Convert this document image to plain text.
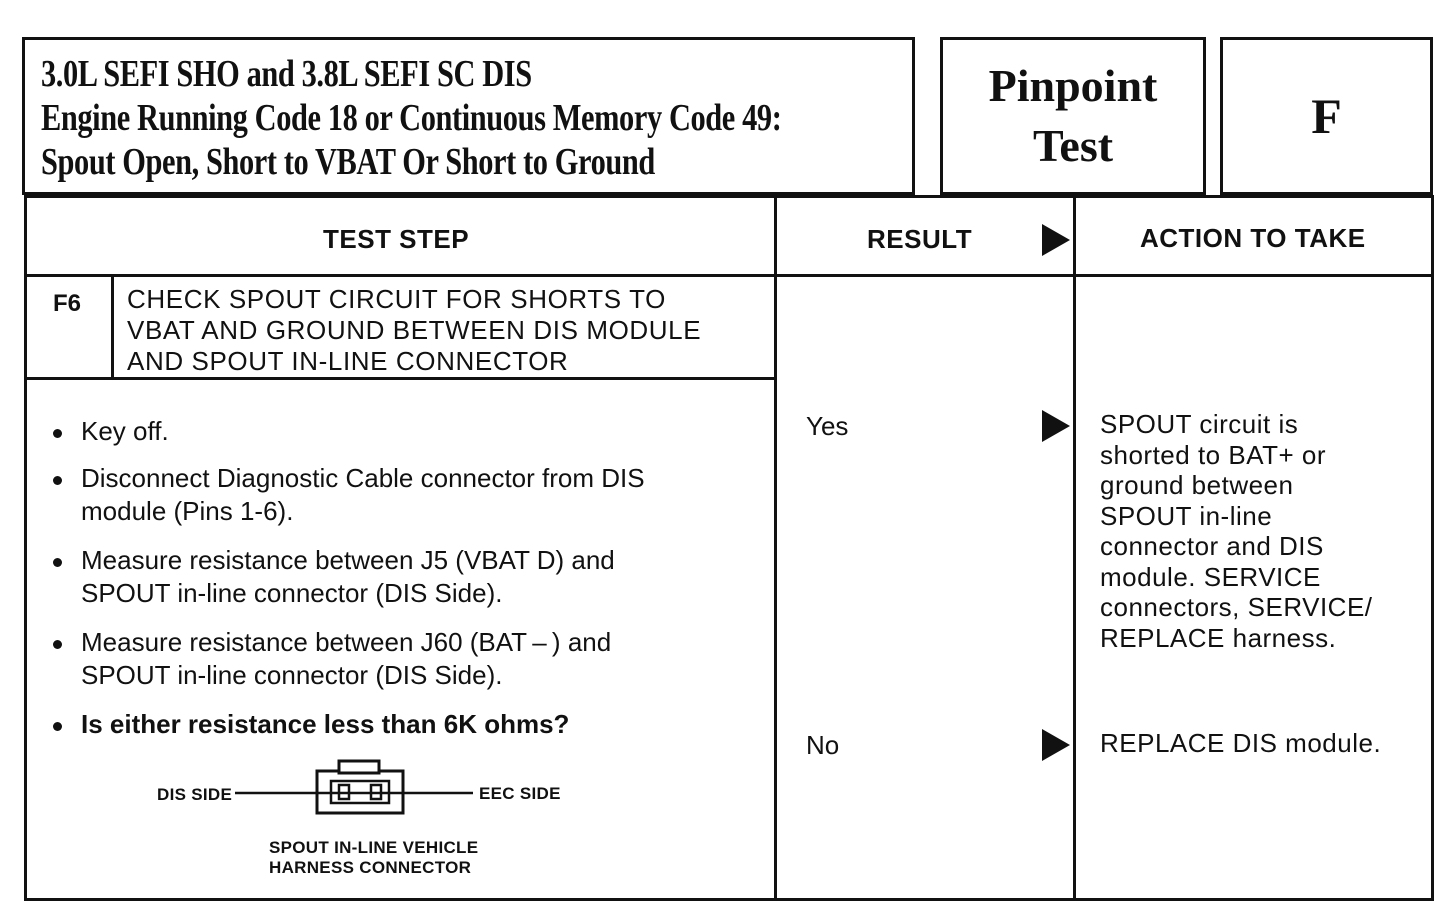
3.0L SEFI SHO and 3.8L SEFI SC DIS
Engine Running Code 18 or Continuous Memory Code 49:
Spout Open, Short to VBAT Or Short to Ground
Pinpoint
Test
F
TEST STEP	RESULT	ACTION TO TAKE
F6 CHECK SPOUT CIRCUIT FOR SHORTS TO
VBAT AND GROUND BETWEEN DIS MODULE
AND SPOUT IN-LINE CONNECTOR
Key off.
Disconnect Diagnostic Cable connector from DIS
module (Pins 1-6).
Measure resistance between J5 (VBAT D) and
SPOUT in-line connector (DIS Side).
Measure resistance between J60 (BAT – ) and
SPOUT in-line connector (DIS Side).
Is either resistance less than 6K ohms?
DIS SIDE	EEC SIDE
SPOUT IN-LINE VEHICLE
HARNESS CONNECTOR
Yes	SPOUT circuit is
shorted to BAT+ or
ground between
SPOUT in-line
connector and DIS
module. SERVICE
connectors, SERVICE/
REPLACE harness.
No	REPLACE DIS module.
